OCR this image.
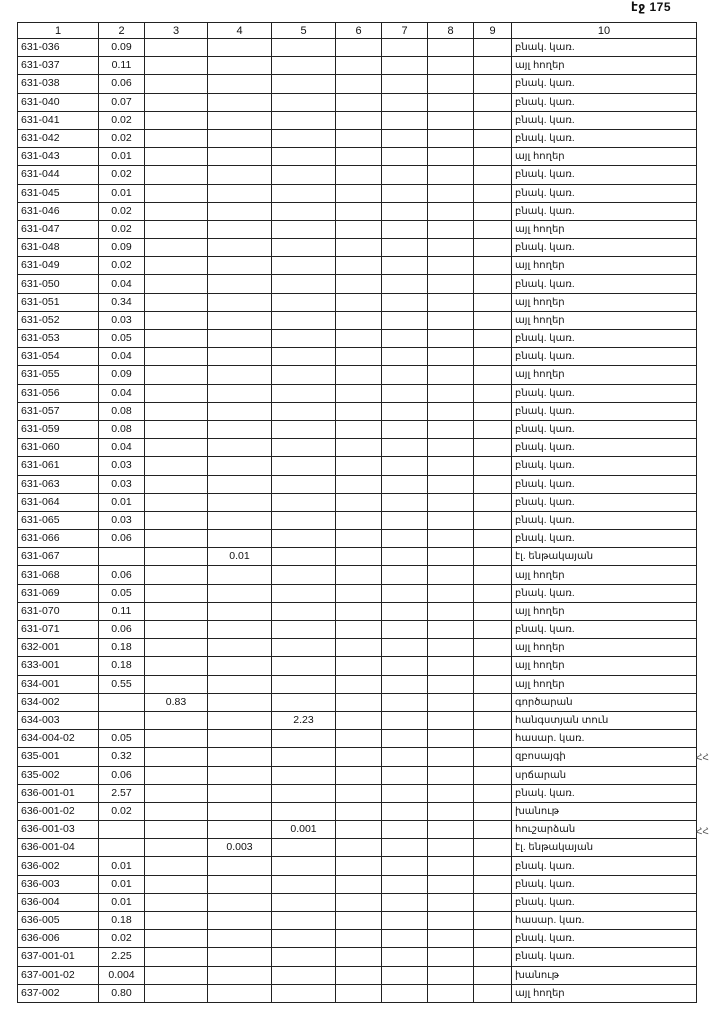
էջ 175
1	2	3	4	5	6	7	8	9	10
631-036	0.09								բնակ. կառ.
631-037	0.11								այլ հողեր
631-038	0.06								բնակ. կառ.
631-040	0.07								բնակ. կառ.
631-041	0.02								բնակ. կառ.
631-042	0.02								բնակ. կառ.
631-043	0.01								այլ հողեր
631-044	0.02								բնակ. կառ.
631-045	0.01								բնակ. կառ.
631-046	0.02								բնակ. կառ.
631-047	0.02								այլ հողեր
631-048	0.09								բնակ. կառ.
631-049	0.02								այլ հողեր
631-050	0.04								բնակ. կառ.
631-051	0.34								այլ հողեր
631-052	0.03								այլ հողեր
631-053	0.05								բնակ. կառ.
631-054	0.04								բնակ. կառ.
631-055	0.09								այլ հողեր
631-056	0.04								բնակ. կառ.
631-057	0.08								բնակ. կառ.
631-059	0.08								բնակ. կառ.
631-060	0.04								բնակ. կառ.
631-061	0.03								բնակ. կառ.
631-063	0.03								բնակ. կառ.
631-064	0.01								բնակ. կառ.
631-065	0.03								բնակ. կառ.
631-066	0.06								բնակ. կառ.
631-067			0.01						էլ. ենթակայան
631-068	0.06								այլ հողեր
631-069	0.05								բնակ. կառ.
631-070	0.11								այլ հողեր
631-071	0.06								բնակ. կառ.
632-001	0.18								այլ հողեր
633-001	0.18								այլ հողեր
634-001	0.55								այլ հողեր
634-002		0.83							գործարան
634-003				2.23					հանգստյան տուն
634-004-02	0.05								հասար. կառ.
635-001	0.32								զբոսայգի
635-002	0.06								սրճարան
636-001-01	2.57								բնակ. կառ.
636-001-02	0.02								խանութ
636-001-03				0.001					հուշարձան
636-001-04			0.003						էլ. ենթակայան
636-002	0.01								բնակ. կառ.
636-003	0.01								բնակ. կառ.
636-004	0.01								բնակ. կառ.
636-005	0.18								հասար. կառ.
636-006	0.02								բնակ. կառ.
637-001-01	2.25								բնակ. կառ.
637-001-02	0.004								խանութ
637-002	0.80								այլ հողեր
ՀՀ
ՀՀ
